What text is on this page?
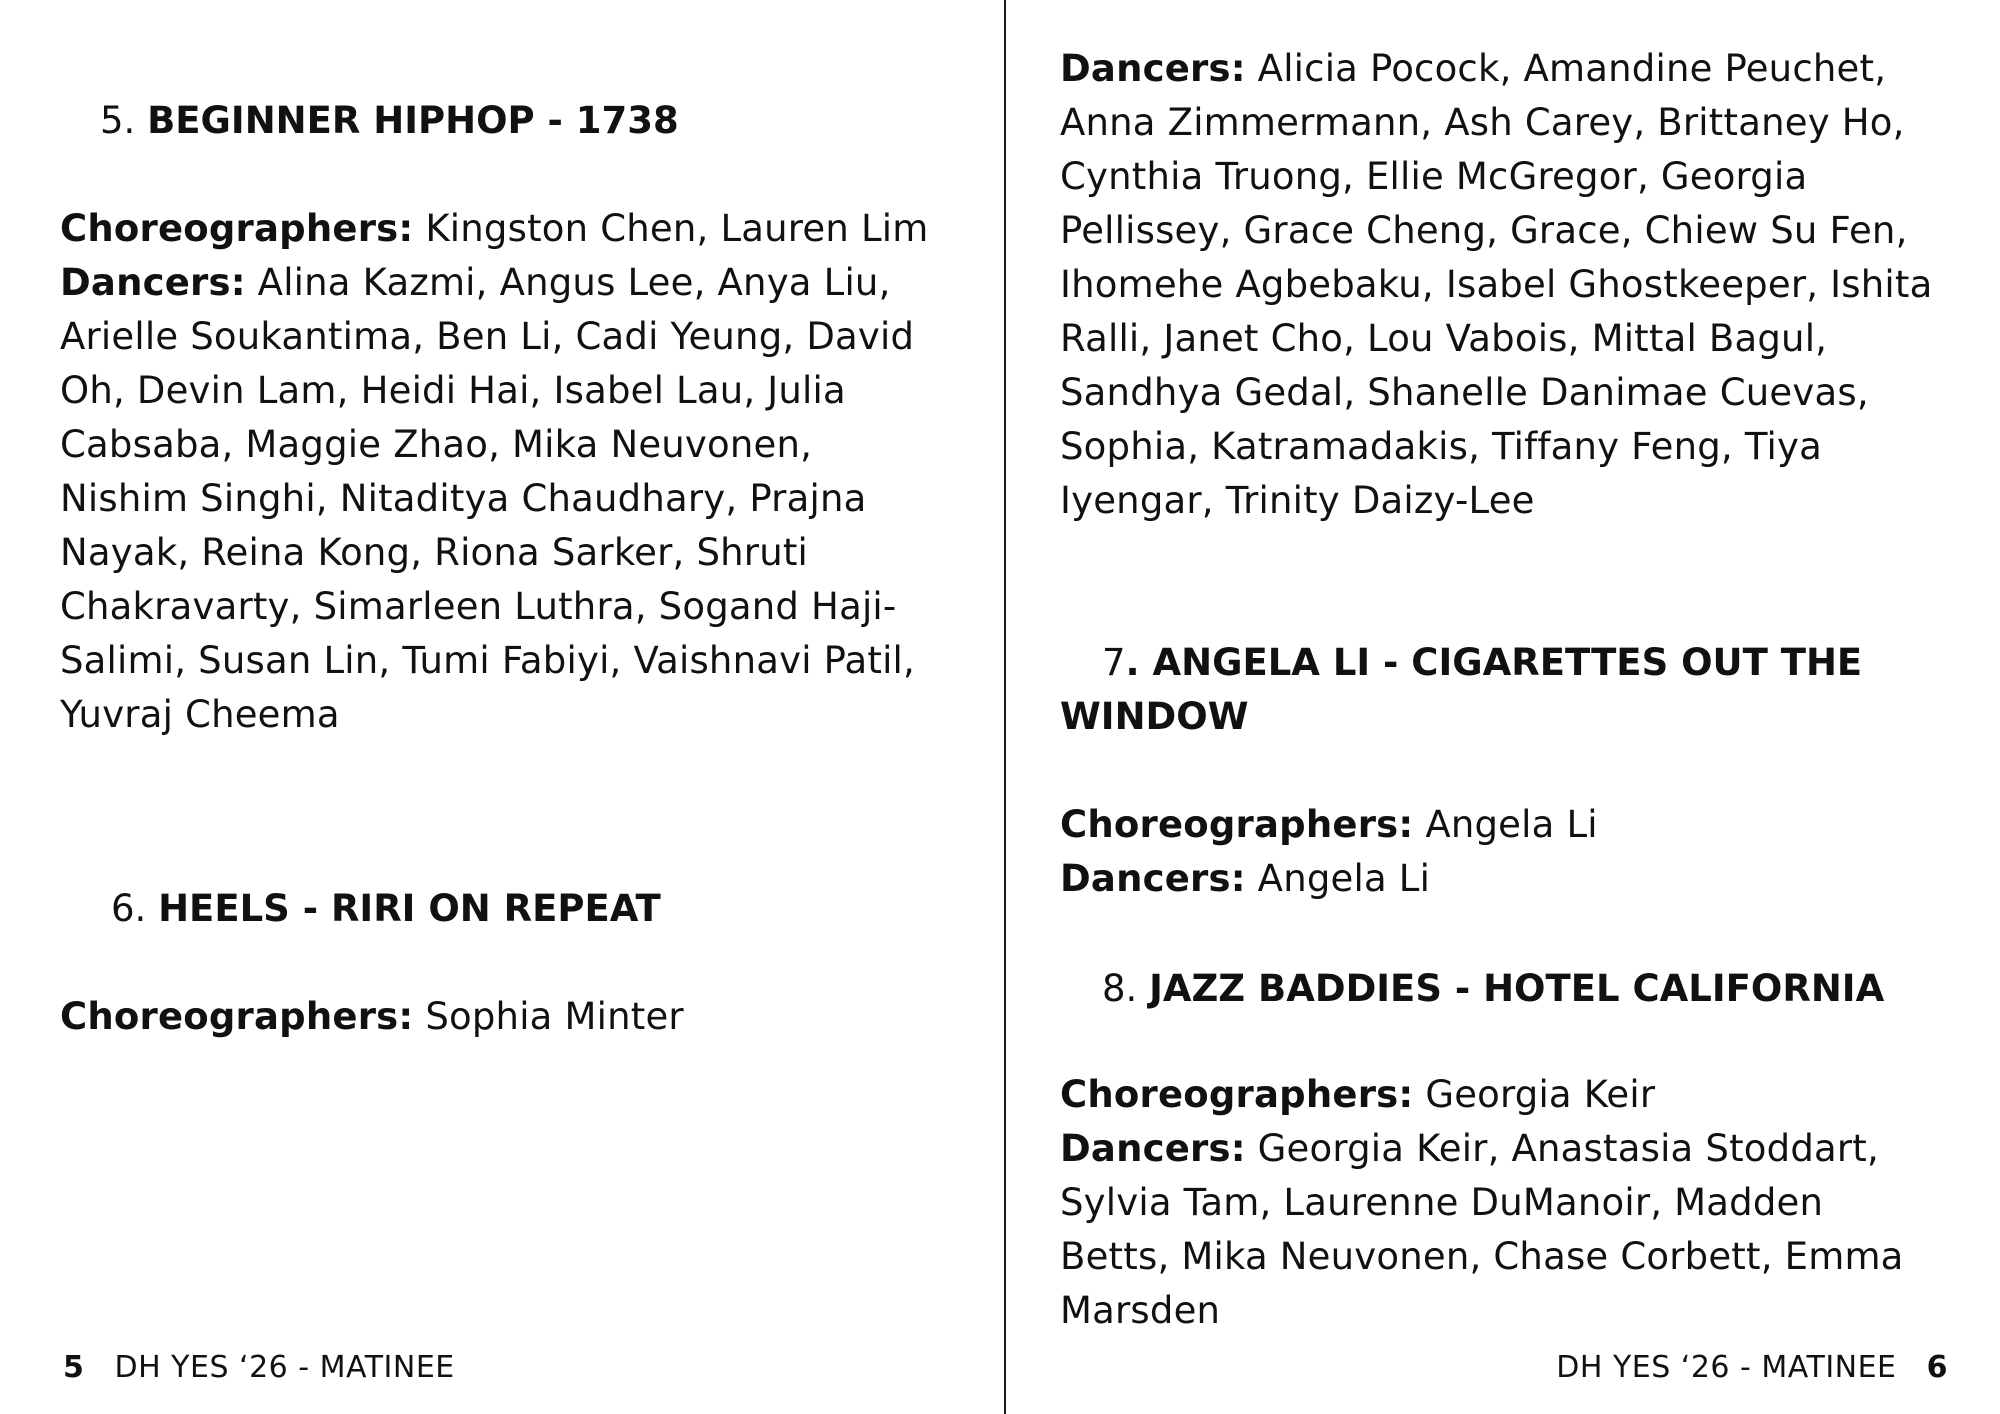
5. BEGINNER HIPHOP - 1738

Choreographers: Kingston Chen, Lauren Lim

Dancers: Alina Kazmi, Angus Lee, Anya Liu, Arielle Soukantima, Ben Li, Cadi Yeung, David Oh, Devin Lam, Heidi Hai, Isabel Lau, Julia Cabsaba, Maggie Zhao, Mika Neuvonen, Nishim Singhi, Nitaditya Chaudhary, Prajna Nayak, Reina Kong, Riona Sarker, Shruti Chakravarty, Simarleen Luthra, Sogand Haji-Salimi, Susan Lin, Tumi Fabiyi, Vaishnavi Patil, Yuvraj Cheema

6. HEELS - RIRI ON REPEAT

Choreographers: Sophia Minter

5 DH YES ‘26 - MATINEE

Dancers: Alicia Pocock, Amandine Peuchet, Anna Zimmermann, Ash Carey, Brittaney Ho, Cynthia Truong, Ellie McGregor, Georgia Pellissey, Grace Cheng, Grace, Chiew Su Fen, Ihomehe Agbebaku, Isabel Ghostkeeper, Ishita Ralli, Janet Cho, Lou Vabois, Mittal Bagul, Sandhya Gedal, Shanelle Danimae Cuevas, Sophia, Katramadakis, Tiffany Feng, Tiya Iyengar, Trinity Daizy-Lee

7. ANGELA LI - CIGARETTES OUT THE WINDOW

Choreographers: Angela Li

Dancers: Angela Li

8. JAZZ BADDIES - HOTEL CALIFORNIA

Choreographers: Georgia Keir

Dancers: Georgia Keir, Anastasia Stoddart, Sylvia Tam, Laurenne DuManoir, Madden Betts, Mika Neuvonen, Chase Corbett, Emma Marsden

DH YES ‘26 - MATINEE 6
